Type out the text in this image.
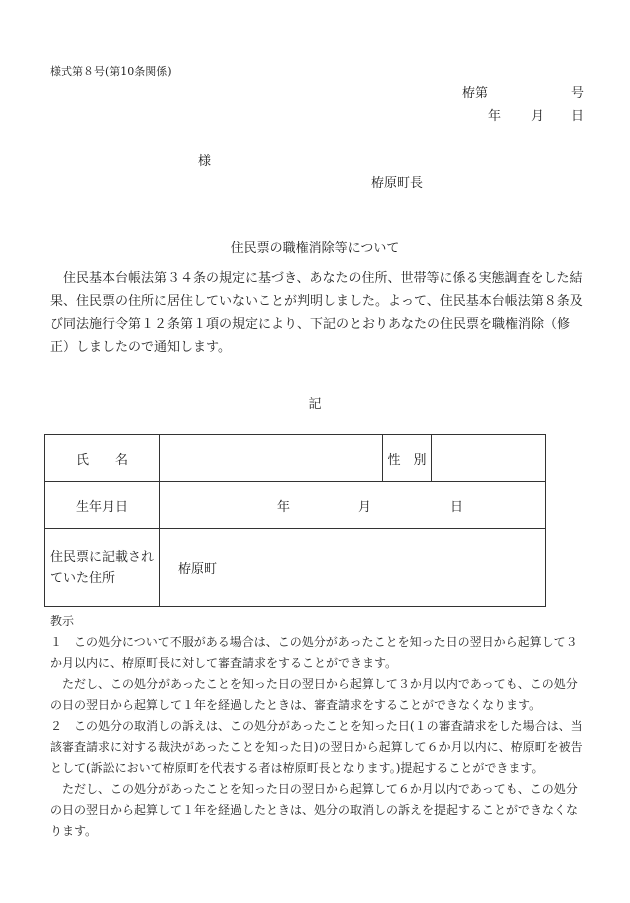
様式第８号(第10条関係)
栫第	号
年 月 日
様
栫原町長
住民票の職権消除等について
住民基本台帳法第３４条の規定に基づき、あなたの住所、世帯等に係る実態調査をした結果、住民票の住所に居住していないことが判明しました。よって、住民基本台帳法第８条及び同法施行令第１２条第１項の規定により、下記のとおりあなたの住民票を職権消除（修正）しましたので通知します。
記
氏　　名		性　別	
生年月日	年 月 日		

住民票に記載されていた住所	栫原町		

教示

１　この処分について不服がある場合は、この処分があったことを知った日の翌日から起算して３か月以内に、栫原町長に対して審査請求をすることができます。

ただし、この処分があったことを知った日の翌日から起算して３か月以内であっても、この処分の日の翌日から起算して１年を経過したときは、審査請求をすることができなくなります。

２　この処分の取消しの訴えは、この処分があったことを知った日(１の審査請求をした場合は、当該審査請求に対する裁決があったことを知った日)の翌日から起算して６か月以内に、栫原町を被告として(訴訟において栫原町を代表する者は栫原町長となります。)提起することができます。

ただし、この処分があったことを知った日の翌日から起算して６か月以内であっても、この処分の日の翌日から起算して１年を経過したときは、処分の取消しの訴えを提起することができなくなります。
